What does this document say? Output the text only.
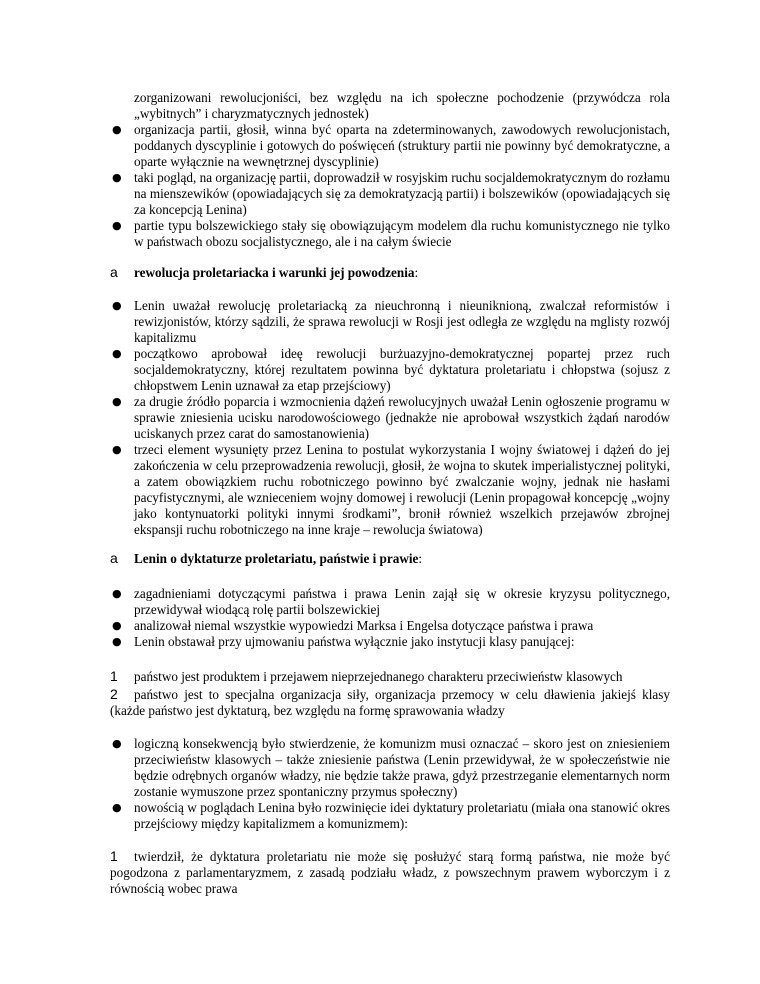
zorganizowani rewolucjoniści, bez względu na ich społeczne pochodzenie (przywódcza rola „wybitnych” i charyzmatycznych jednostek)
● organizacja partii, głosił, winna być oparta na zdeterminowanych, zawodowych rewolucjonistach, poddanych dyscyplinie i gotowych do poświęceń (struktury partii nie powinny być demokratyczne, a oparte wyłącznie na wewnętrznej dyscyplinie)
● taki pogląd, na organizację partii, doprowadził w rosyjskim ruchu socjaldemokratycznym do rozłamu na mienszewików (opowiadających się za demokratyzacją partii) i bolszewików (opowiadających się za koncepcją Lenina)
● partie typu bolszewickiego stały się obowiązującym modelem dla ruchu komunistycznego nie tylko w państwach obozu socjalistycznego, ale i na całym świecie
a rewolucja proletariacka i warunki jej powodzenia:
● Lenin uważał rewolucję proletariacką za nieuchronną i nieuniknioną, zwalczał reformistów i rewizjonistów, którzy sądzili, że sprawa rewolucji w Rosji jest odległa ze względu na mglisty rozwój kapitalizmu
● początkowo aprobował ideę rewolucji burżuazyjno-demokratycznej popartej przez ruch socjaldemokratyczny, której rezultatem powinna być dyktatura proletariatu i chłopstwa (sojusz z chłopstwem Lenin uznawał za etap przejściowy)
● za drugie źródło poparcia i wzmocnienia dążeń rewolucyjnych uważał Lenin ogłoszenie programu w sprawie zniesienia ucisku narodowościowego (jednakże nie aprobował wszystkich żądań narodów uciskanych przez carat do samostanowienia)
● trzeci element wysunięty przez Lenina to postulat wykorzystania I wojny światowej i dążeń do jej zakończenia w celu przeprowadzenia rewolucji, głosił, że wojna to skutek imperialistycznej polityki, a zatem obowiązkiem ruchu robotniczego powinno być zwalczanie wojny, jednak nie hasłami pacyfistycznymi, ale wznieceniem wojny domowej i rewolucji (Lenin propagował koncepcję „wojny jako kontynuatorki polityki innymi środkami”, bronił również wszelkich przejawów zbrojnej ekspansji ruchu robotniczego na inne kraje – rewolucja światowa)
a Lenin o dyktaturze proletariatu, państwie i prawie:
● zagadnieniami dotyczącymi państwa i prawa Lenin zajął się w okresie kryzysu politycznego, przewidywał wiodącą rolę partii bolszewickiej
● analizował niemal wszystkie wypowiedzi Marksa i Engelsa dotyczące państwa i prawa
● Lenin obstawał przy ujmowaniu państwa wyłącznie jako instytucji klasy panującej:
1 państwo jest produktem i przejawem nieprzejednanego charakteru przeciwieństw klasowych
2 państwo jest to specjalna organizacja siły, organizacja przemocy w celu dławienia jakiejś klasy (każde państwo jest dyktaturą, bez względu na formę sprawowania władzy
● logiczną konsekwencją było stwierdzenie, że komunizm musi oznaczać – skoro jest on zniesieniem przeciwieństw klasowych – także zniesienie państwa (Lenin przewidywał, że w społeczeństwie nie będzie odrębnych organów władzy, nie będzie także prawa, gdyż przestrzeganie elementarnych norm zostanie wymuszone przez spontaniczny przymus społeczny)
● nowością w poglądach Lenina było rozwinięcie idei dyktatury proletariatu (miała ona stanowić okres przejściowy między kapitalizmem a komunizmem):
1 twierdził, że dyktatura proletariatu nie może się posłużyć starą formą państwa, nie może być pogodzona z parlamentaryzmem, z zasadą podziału władz, z powszechnym prawem wyborczym i z równością wobec prawa
